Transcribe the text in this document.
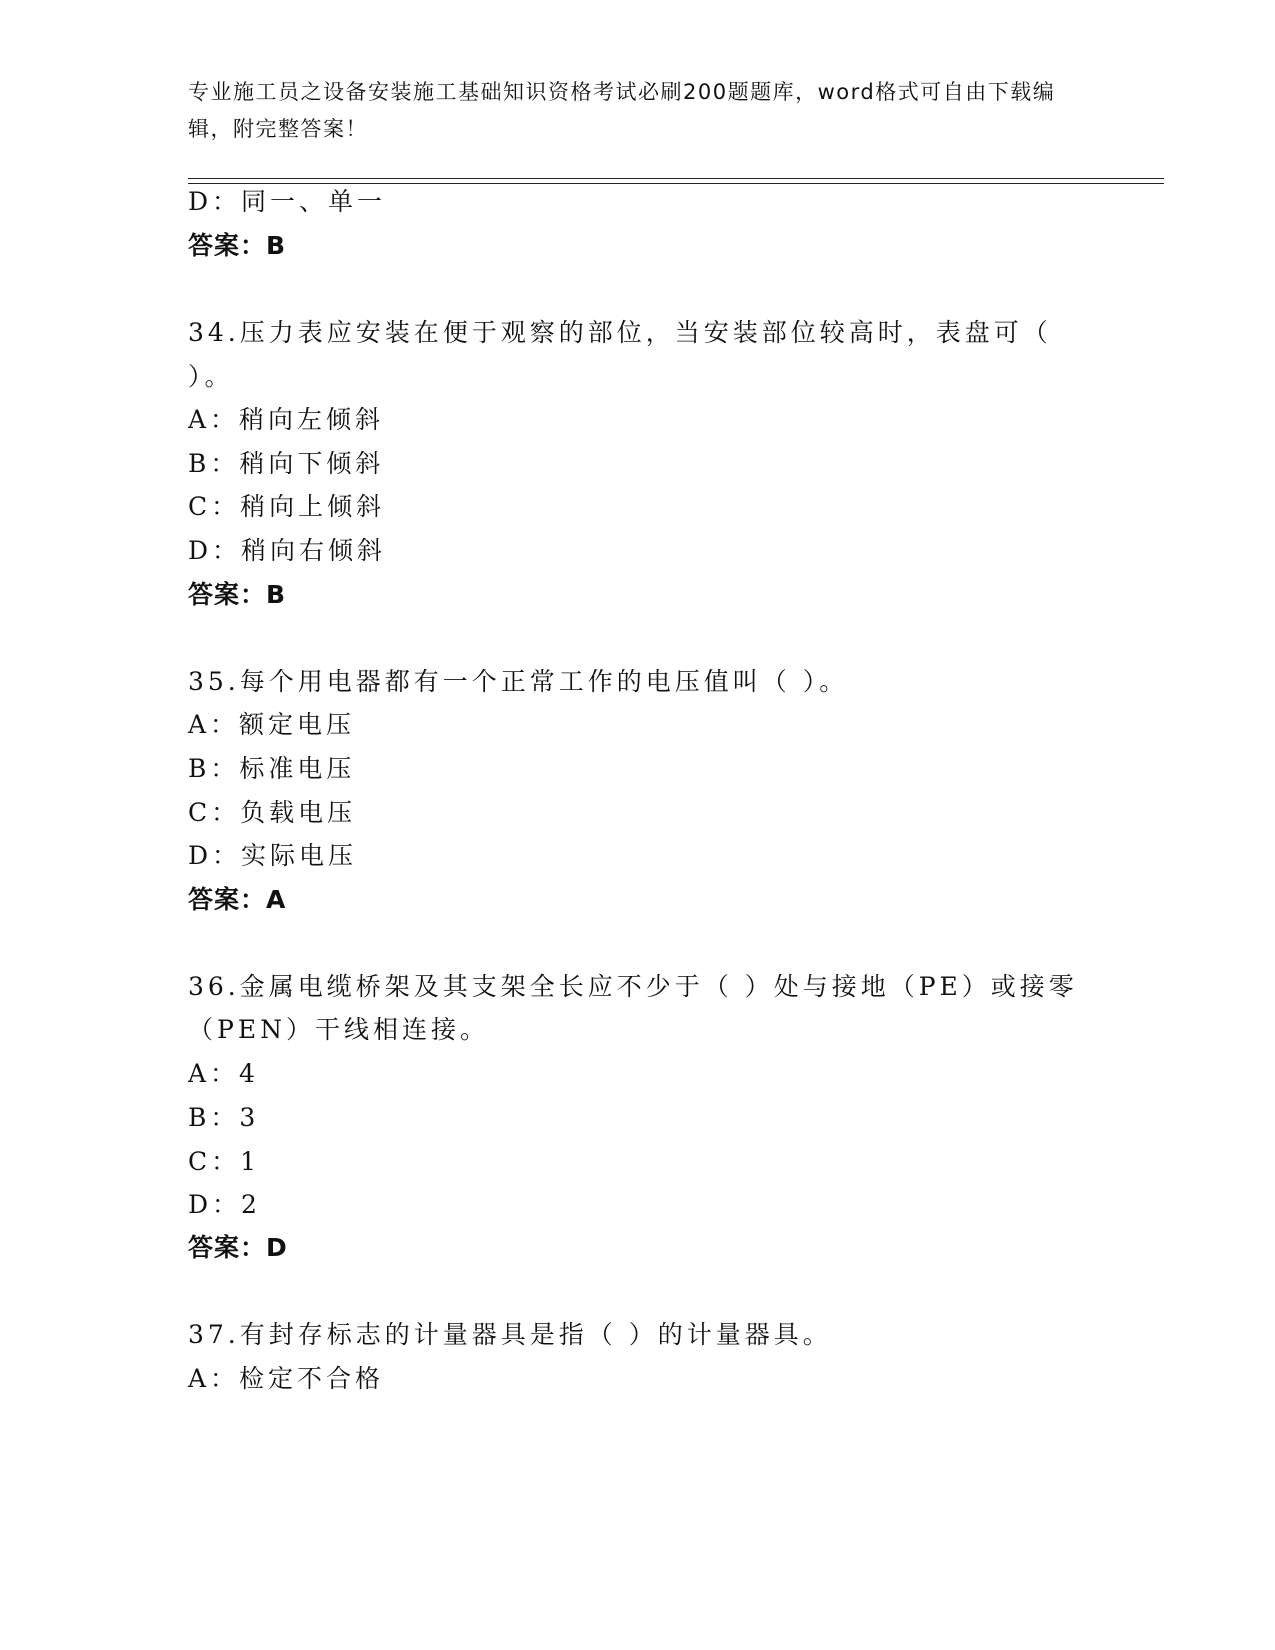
专业施工员之设备安装施工基础知识资格考试必刷200题题库，word格式可自由下载编辑，附完整答案！
D：同一、单一
答案：B
34.压力表应安装在便于观察的部位，当安装部位较高时，表盘可（
）。
A：稍向左倾斜
B：稍向下倾斜
C：稍向上倾斜
D：稍向右倾斜
答案：B
35.每个用电器都有一个正常工作的电压值叫（ ）。
A：额定电压
B：标准电压
C：负载电压
D：实际电压
答案：A
36.金属电缆桥架及其支架全长应不少于（ ）处与接地（PE）或接零
（PEN）干线相连接。
A：4
B：3
C：1
D：2
答案：D
37.有封存标志的计量器具是指（ ）的计量器具。
A：检定不合格
